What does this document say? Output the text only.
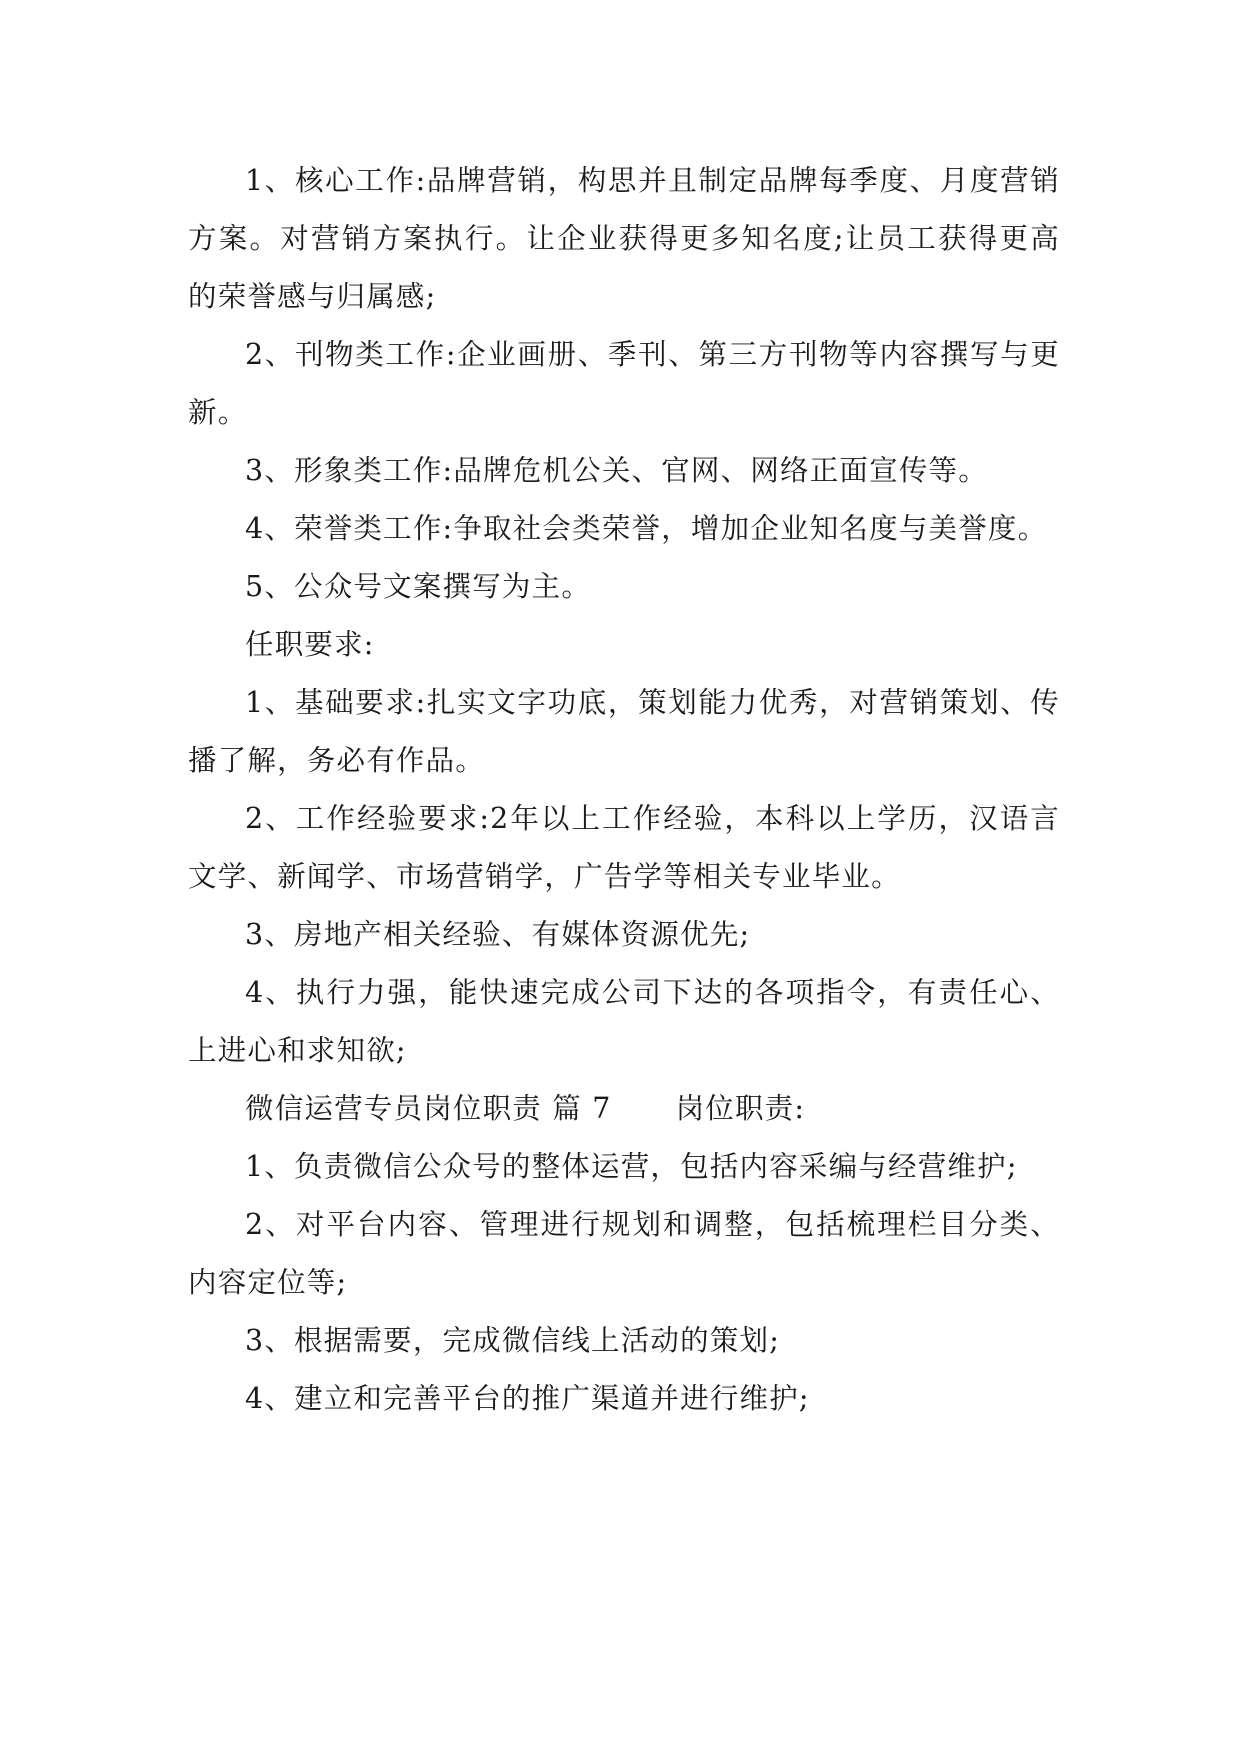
1、核心工作:品牌营销，构思并且制定品牌每季度、月度营销方案。对营销方案执行。让企业获得更多知名度;让员工获得更高的荣誉感与归属感;

2、刊物类工作:企业画册、季刊、第三方刊物等内容撰写与更新。

3、形象类工作:品牌危机公关、官网、网络正面宣传等。

4、荣誉类工作:争取社会类荣誉，增加企业知名度与美誉度。

5、公众号文案撰写为主。

任职要求:

1、基础要求:扎实文字功底，策划能力优秀，对营销策划、传播了解，务必有作品。

2、工作经验要求:2年以上工作经验，本科以上学历，汉语言文学、新闻学、市场营销学，广告学等相关专业毕业。

3、房地产相关经验、有媒体资源优先;

4、执行力强，能快速完成公司下达的各项指令，有责任心、上进心和求知欲;

微信运营专员岗位职责 篇 7 岗位职责:

1、负责微信公众号的整体运营，包括内容采编与经营维护;

2、对平台内容、管理进行规划和调整，包括梳理栏目分类、内容定位等;

3、根据需要，完成微信线上活动的策划;

4、建立和完善平台的推广渠道并进行维护;
